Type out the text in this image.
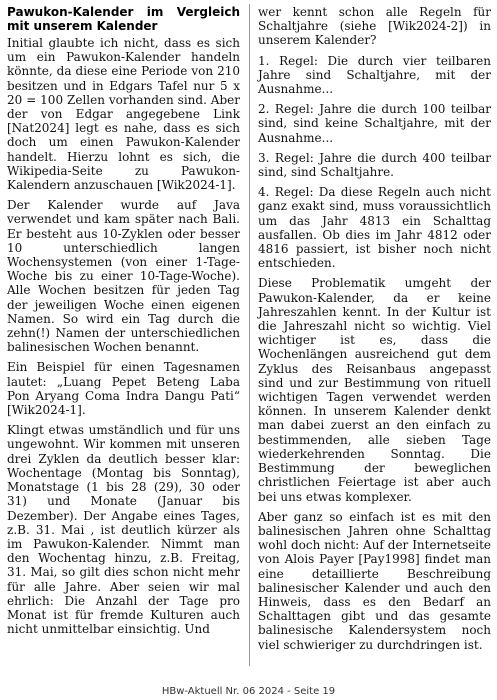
Pawukon-Kalender im Vergleich mit unserem Kalender

Initial glaubte ich nicht, dass es sich um ein Pawukon-Kalender handeln könnte, da diese eine Periode von 210 besitzen und in Edgars Tafel nur 5 x 20 = 100 Zellen vorhanden sind. Aber der von Edgar angegebene Link [Nat2024] legt es nahe, dass es sich doch um einen Pawukon-Kalender handelt. Hierzu lohnt es sich, die Wikipedia-Seite zu Pawukon-Kalendern anzuschauen [Wik2024-1].

Der Kalender wurde auf Java verwendet und kam später nach Bali. Er besteht aus 10-Zyklen oder besser 10 unterschiedlich langen Wochensystemen (von einer 1-Tage-Woche bis zu einer 10-Tage-Woche). Alle Wochen besitzen für jeden Tag der jeweiligen Woche einen eigenen Namen. So wird ein Tag durch die zehn(!) Namen der unterschiedlichen balinesischen Wochen benannt.

Ein Beispiel für einen Tagesnamen lautet: „Luang Pepet Beteng Laba Pon Aryang Coma Indra Dangu Pati“ [Wik2024-1].

Klingt etwas umständlich und für uns ungewohnt. Wir kommen mit unseren drei Zyklen da deutlich besser klar: Wochentage (Montag bis Sonntag), Monatstage (1 bis 28 (29), 30 oder 31) und Monate (Januar bis Dezember). Der Angabe eines Tages, z.B. 31. Mai , ist deutlich kürzer als im Pawukon-Kalender. Nimmt man den Wochentag hinzu, z.B. Freitag, 31. Mai, so gilt dies schon nicht mehr für alle Jahre. Aber seien wir mal ehrlich: Die Anzahl der Tage pro Monat ist für fremde Kulturen auch nicht unmittelbar einsichtig. Und

wer kennt schon alle Regeln für Schaltjahre (siehe [Wik2024-2]) in unserem Kalender?

1. Regel: Die durch vier teilbaren Jahre sind Schaltjahre, mit der Ausnahme...

2. Regel: Jahre die durch 100 teilbar sind, sind keine Schaltjahre, mit der Ausnahme...

3. Regel: Jahre die durch 400 teilbar sind, sind Schaltjahre.

4. Regel: Da diese Regeln auch nicht ganz exakt sind, muss voraussichtlich um das Jahr 4813 ein Schalttag ausfallen. Ob dies im Jahr 4812 oder 4816 passiert, ist bisher noch nicht entschieden.

Diese Problematik umgeht der Pawukon-Kalender, da er keine Jahreszahlen kennt. In der Kultur ist die Jahreszahl nicht so wichtig. Viel wichtiger ist es, dass die Wochenlängen ausreichend gut dem Zyklus des Reisanbaus angepasst sind und zur Bestimmung von rituell wichtigen Tagen verwendet werden können. In unserem Kalender denkt man dabei zuerst an den einfach zu bestimmenden, alle sieben Tage wiederkehrenden Sonntag. Die Bestimmung der beweglichen christlichen Feiertage ist aber auch bei uns etwas komplexer.

Aber ganz so einfach ist es mit den balinesischen Jahren ohne Schalttag wohl doch nicht: Auf der Internetseite von Alois Payer [Pay1998] findet man eine detaillierte Beschreibung balinesischer Kalender und auch den Hinweis, dass es den Bedarf an Schalttagen gibt und das gesamte balinesische Kalendersystem noch viel schwieriger zu durchdringen ist.

HBw-Aktuell Nr. 06 2024 - Seite 19
